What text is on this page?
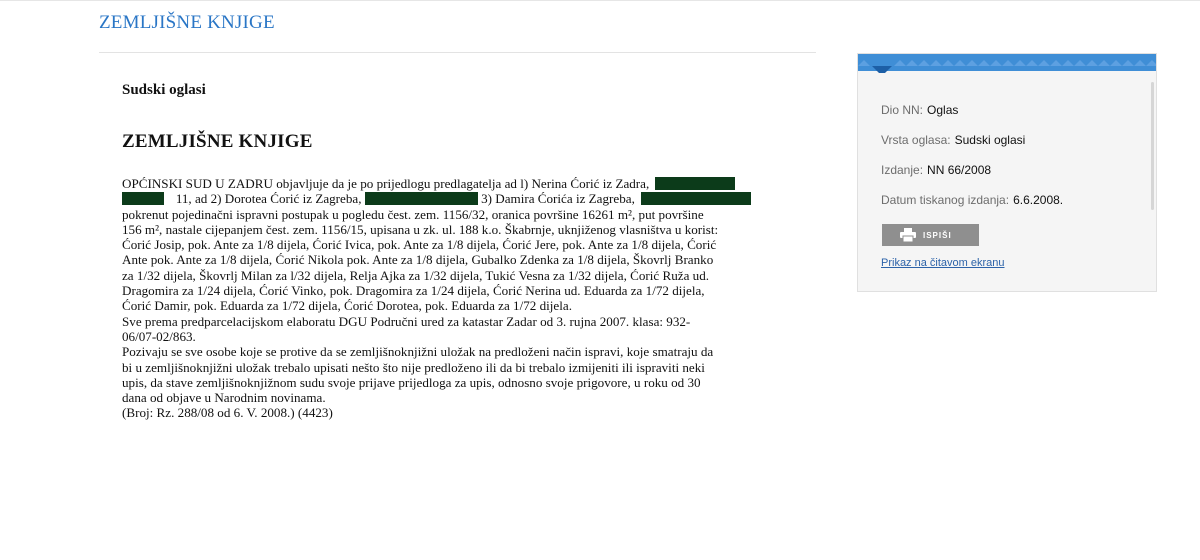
ZEMLJIŠNE KNJIGE
Sudski oglasi
ZEMLJIŠNE KNJIGE
OPĆINSKI SUD U ZADRU objavljuje da je po prijedlogu predlagatelja ad l) Nerina Ćorić iz Zadra,
11, ad 2) Dorotea Ćorić iz Zagreba,	3) Damira Ćorića iz Zagreba,
pokrenut pojedinačni ispravni postupak u pogledu čest. zem. 1156/32, oranica površine 16261 m², put površine
156 m², nastale cijepanjem čest. zem. 1156/15, upisana u zk. ul. 188 k.o. Škabrnje, uknjiženog vlasništva u korist:
Ćorić Josip, pok. Ante za 1/8 dijela, Ćorić Ivica, pok. Ante za 1/8 dijela, Ćorić Jere, pok. Ante za 1/8 dijela, Ćorić
Ante pok. Ante za 1/8 dijela, Ćorić Nikola pok. Ante za 1/8 dijela, Gubalko Zdenka za 1/8 dijela, Škovrlj Branko
za 1/32 dijela, Škovrlj Milan za l/32 dijela, Relja Ajka za 1/32 dijela, Tukić Vesna za 1/32 dijela, Ćorić Ruža ud.
Dragomira za 1/24 dijela, Ćorić Vinko, pok. Dragomira za 1/24 dijela, Ćorić Nerina ud. Eduarda za 1/72 dijela,
Ćorić Damir, pok. Eduarda za 1/72 dijela, Ćorić Dorotea, pok. Eduarda za 1/72 dijela.
Sve prema predparcelacijskom elaboratu DGU Područni ured za katastar Zadar od 3. rujna 2007. klasa: 932-
06/07-02/863.
Pozivaju se sve osobe koje se protive da se zemljišnoknjižni uložak na predloženi način ispravi, koje smatraju da
bi u zemljišnoknjižni uložak trebalo upisati nešto što nije predloženo ili da bi trebalo izmijeniti ili ispraviti neki
upis, da stave zemljišnoknjižnom sudu svoje prijave prijedloga za upis, odnosno svoje prigovore, u roku od 30
dana od objave u Narodnim novinama.
(Broj: Rz. 288/08 od 6. V. 2008.) (4423)
Dio NN: Oglas
Vrsta oglasa: Sudski oglasi
Izdanje: NN 66/2008
Datum tiskanog izdanja: 6.6.2008.
ISPIŠI
Prikaz na čitavom ekranu
